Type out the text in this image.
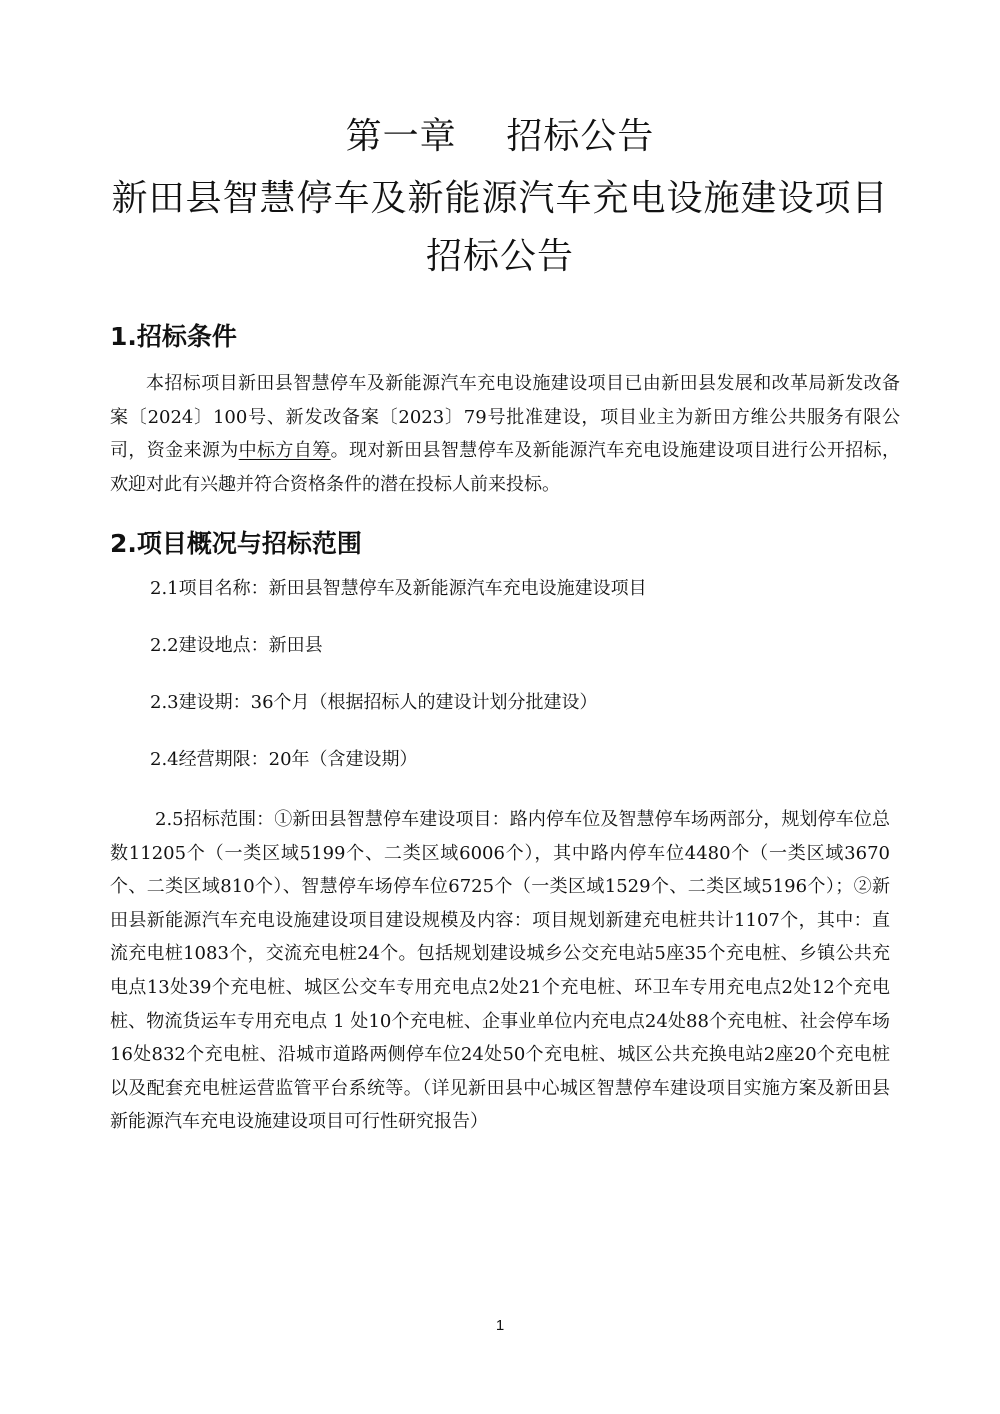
第一章    招标公告
新田县智慧停车及新能源汽车充电设施建设项目招标公告
1.招标条件
本招标项目新田县智慧停车及新能源汽车充电设施建设项目已由新田县发展和改革局新发改备案〔2024〕100号、新发改备案〔2023〕79号批准建设，项目业主为新田方维公共服务有限公司，资金来源为中标方自筹。现对新田县智慧停车及新能源汽车充电设施建设项目进行公开招标，欢迎对此有兴趣并符合资格条件的潜在投标人前来投标。
2.项目概况与招标范围
2.1项目名称：新田县智慧停车及新能源汽车充电设施建设项目
2.2建设地点：新田县
2.3建设期：36个月（根据招标人的建设计划分批建设）
2.4经营期限：20年（含建设期）
2.5招标范围：①新田县智慧停车建设项目：路内停车位及智慧停车场两部分，规划停车位总数11205个（一类区域5199个、二类区域6006个），其中路内停车位4480个（一类区域3670个、二类区域810个）、智慧停车场停车位6725个（一类区域1529个、二类区域5196个）；②新田县新能源汽车充电设施建设项目建设规模及内容：项目规划新建充电桩共计1107个，其中：直流充电桩1083个，交流充电桩24个。包括规划建设城乡公交充电站5座35个充电桩、乡镇公共充电点13处39个充电桩、城区公交车专用充电点2处21个充电桩、环卫车专用充电点2处12个充电桩、物流货运车专用充电点 1 处10个充电桩、企事业单位内充电点24处88个充电桩、社会停车场16处832个充电桩、沿城市道路两侧停车位24处50个充电桩、城区公共充换电站2座20个充电桩以及配套充电桩运营监管平台系统等。（详见新田县中心城区智慧停车建设项目实施方案及新田县新能源汽车充电设施建设项目可行性研究报告）
1
